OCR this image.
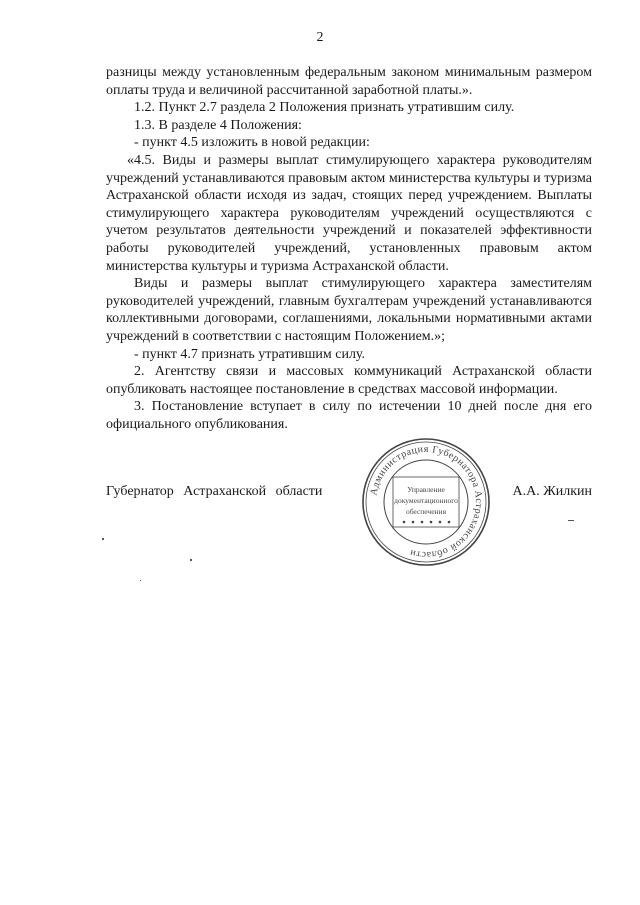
2

разницы между установленным федеральным законом минимальным размером оплаты труда и величиной рассчитанной заработной платы.».

1.2. Пункт 2.7 раздела 2 Положения признать утратившим силу.

1.3. В разделе 4 Положения:

- пункт 4.5 изложить в новой редакции:

«4.5. Виды и размеры выплат стимулирующего характера руководителям учреждений устанавливаются правовым актом министерства культуры и туризма Астраханской области исходя из задач, стоящих перед учреждением. Выплаты стимулирующего характера руководителям учреждений осуществляются с учетом результатов деятельности учреждений и показателей эффективности работы руководителей учреждений, установленных правовым актом министерства культуры и туризма Астраханской области.

Виды и размеры выплат стимулирующего характера заместителям руководителей учреждений, главным бухгалтерам учреждений устанавливаются коллективными договорами, соглашениями, локальными нормативными актами учреждений в соответствии с настоящим Положением.»;

- пункт 4.7 признать утратившим силу.

2. Агентству связи и массовых коммуникаций Астраханской области опубликовать настоящее постановление в средствах массовой информации.

3. Постановление вступает в силу по истечении 10 дней после дня его официального опубликования.

Губернатор Астраханской области	А.А. Жилкин
Администрация Губернатора Астраханской области
Управление
документационного
обеспечения
